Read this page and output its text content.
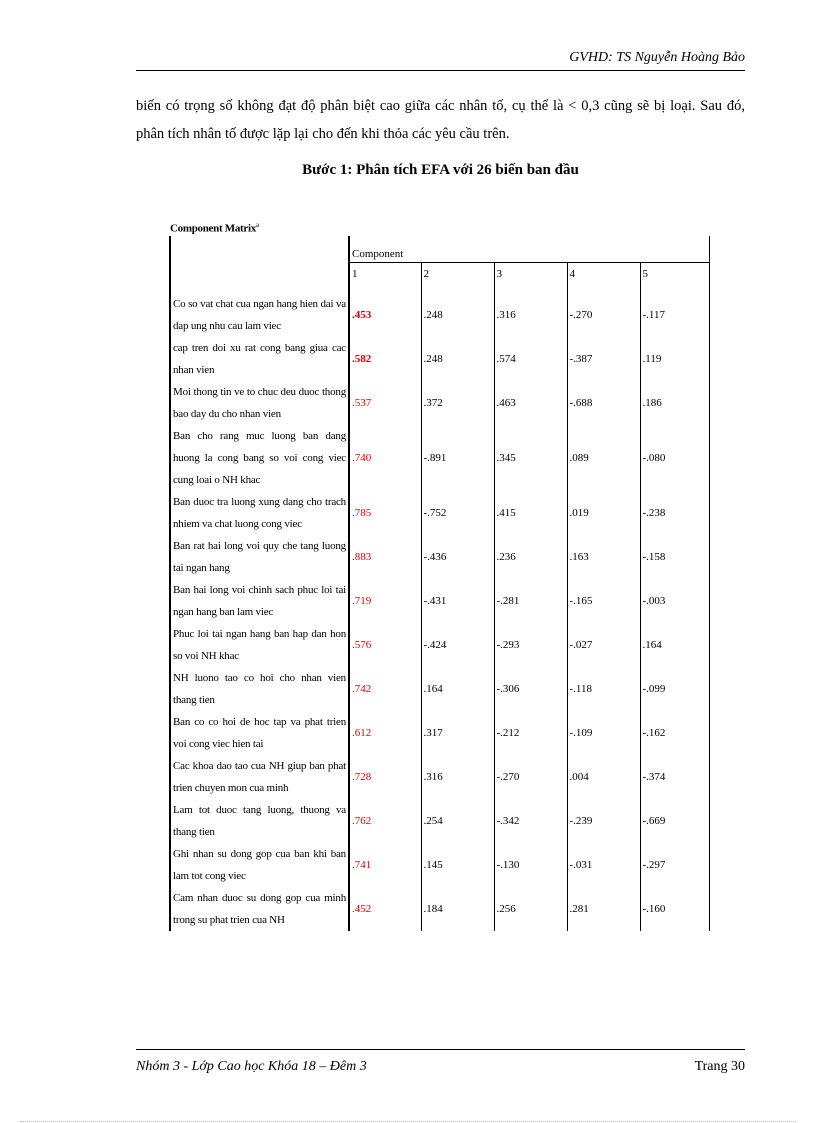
GVHD: TS Nguyễn Hoàng Bảo
biến có trọng số không đạt độ phân biệt cao giữa các nhân tố, cụ thể là < 0,3 cũng sẽ bị loại. Sau đó, phân tích nhân tố được lặp lại cho đến khi thỏa các yêu cầu trên.
Bước 1: Phân tích EFA với 26 biến ban đầu
Component Matrix$^a$
	Component				
	1	2	3	4	5

Co so vat chat cua ngan hang hien dai va dap ung nhu cau lam viec	.453	.248	.316	-.270	-.117
cap tren doi xu rat cong bang giua cac nhan vien	.582	.248	.574	-.387	.119
Moi thong tin ve to chuc deu duoc thong bao day du cho nhan vien	.537	.372	.463	-.688	.186
Ban cho rang muc luong ban dang huong la cong bang so voi cong viec cung loai o NH khac	.740	-.891	.345	.089	-.080
Ban duoc tra luong xung dang cho trach nhiem va chat luong cong viec	.785	-.752	.415	.019	-.238
Ban rat hai long voi quy che tang luong tai ngan hang	.883	-.436	.236	.163	-.158
Ban hai long voi chinh sach phuc loi tai ngan hang ban lam viec	.719	-.431	-.281	-.165	-.003
Phuc loi tai ngan hang ban hap dan hon so voi NH khac	.576	-.424	-.293	-.027	.164
NH luono tao co hoi cho nhan vien thang tien	.742	.164	-.306	-.118	-.099
Ban co co hoi de hoc tap va phat trien voi cong viec hien tai	.612	.317	-.212	-.109	-.162
Cac khoa dao tao cua NH giup ban phat trien chuyen mon cua minh	.728	.316	-.270	.004	-.374
Lam tot duoc tang luong, thuong va thang tien	.762	.254	-.342	-.239	-.669
Ghi nhan su dong gop cua ban khi ban lam tot cong viec	.741	.145	-.130	-.031	-.297
Cam nhan duoc su dong gop cua minh trong su phat trien cua NH	.452	.184	.256	.281	-.160
Nhóm 3 - Lớp Cao học Khóa 18 – Đêm 3	Trang 30
